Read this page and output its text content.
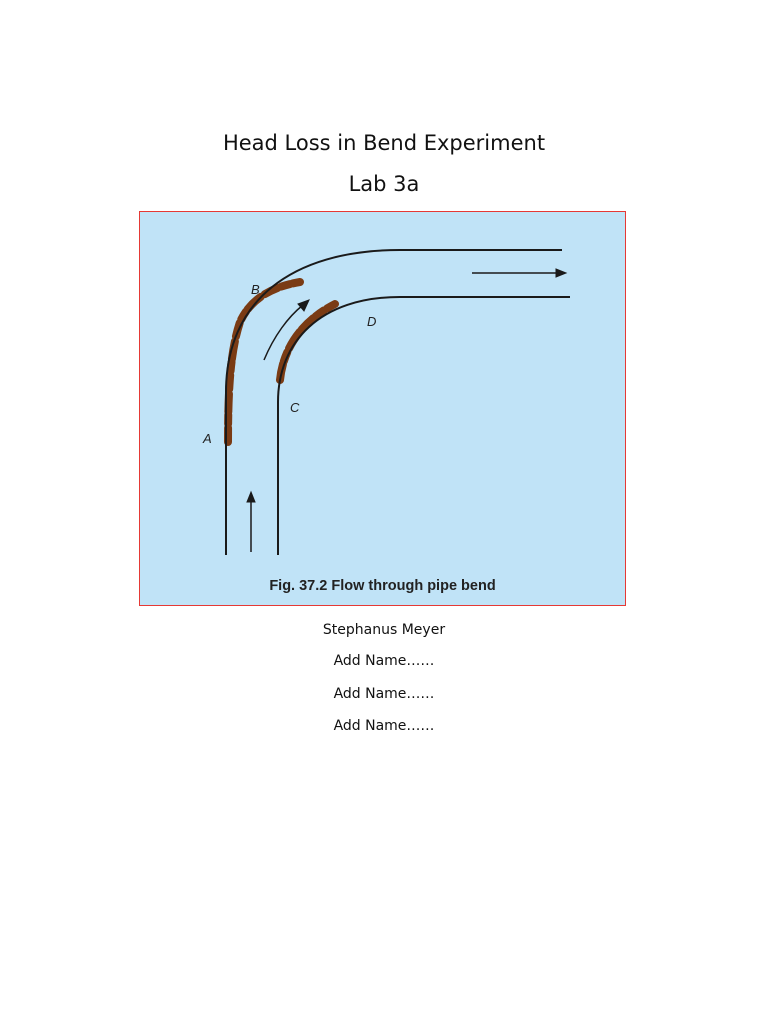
Head Loss in Bend Experiment
Lab 3a
B
D
C
A
Fig. 37.2 Flow through pipe bend
Stephanus Meyer
Add Name……
Add Name……
Add Name……
